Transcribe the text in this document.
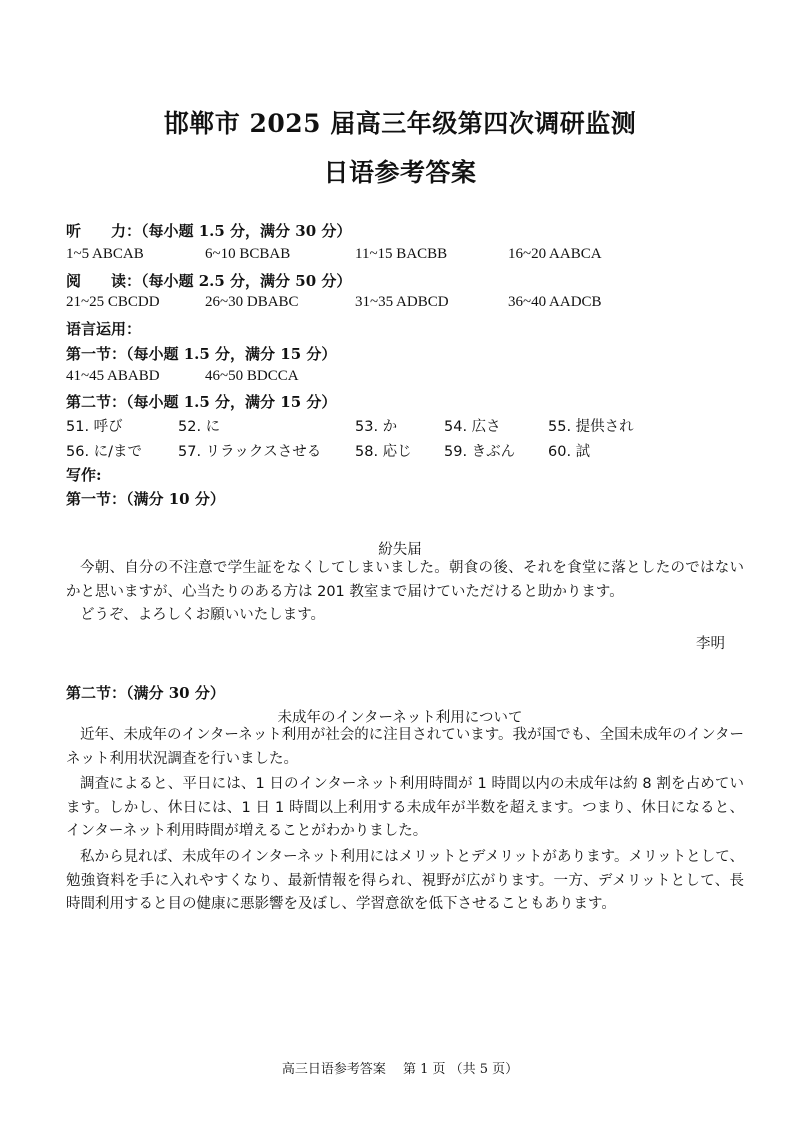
邯郸市 2025 届高三年级第四次调研监测
日语参考答案
听　　力：（每小题 1.5 分，满分 30 分）
1~5 ABCAB	6~10 BCBAB	11~15 BACBB	16~20 AABCA
阅　　读：（每小题 2.5 分，满分 50 分）
21~25 CBCDD	26~30 DBABC	31~35 ADBCD	36~40 AADCB
语言运用：
第一节：（每小题 1.5 分，满分 15 分）
41~45 ABABD	46~50 BDCCA
第二节：（每小题 1.5 分，满分 15 分）
51. 呼び	52. に	53. か	54. 広さ	55. 提供され
56. に/まで 57. リラックスさせる 58. 応じ 59. きぶん 60. 試
写作:
第一节：（满分 10 分）
紛失届
今朝、自分の不注意で学生証をなくしてしまいました。朝食の後、それを食堂に落としたのではないかと思いますが、心当たりのある方は 201 教室まで届けていただけると助かります。
どうぞ、よろしくお願いいたします。
李明
第二节：（满分 30 分）
未成年のインターネット利用について
近年、未成年のインターネット利用が社会的に注目されています。我が国でも、全国未成年のインターネット利用状況調査を行いました。
調査によると、平日には、1 日のインターネット利用時間が 1 時間以内の未成年は約 8 割を占めています。しかし、休日には、1 日 1 時間以上利用する未成年が半数を超えます。つまり、休日になると、インターネット利用時間が増えることがわかりました。
私から見れば、未成年のインターネット利用にはメリットとデメリットがあります。メリットとして、勉強資料を手に入れやすくなり、最新情報を得られ、視野が広がります。一方、デメリットとして、長時間利用すると目の健康に悪影響を及ぼし、学習意欲を低下させることもあります。
高三日语参考答案　 第 1 页 （共 5 页）
